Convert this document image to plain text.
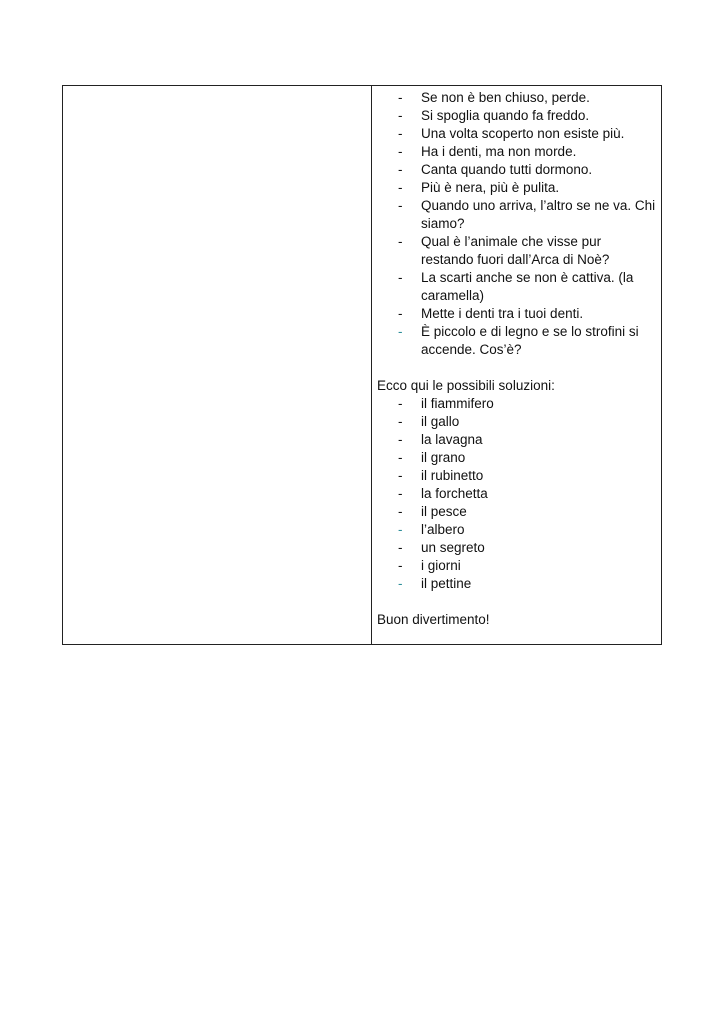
- Se non è ben chiuso, perde.
- Si spoglia quando fa freddo.
- Una volta scoperto non esiste più.
- Ha i denti, ma non morde.
- Canta quando tutti dormono.
- Più è nera, più è pulita.
- Quando uno arriva, l’altro se ne va. Chi siamo?
- Qual è l’animale che visse pur restando fuori dall’Arca di Noè?
- La scarti anche se non è cattiva. (la caramella)
- Mette i denti tra i tuoi denti.
- È piccolo e di legno e se lo strofini si accende. Cos’è?

Ecco qui le possibili soluzioni:

- il fiammifero
- il gallo
- la lavagna
- il grano
- il rubinetto
- la forchetta
- il pesce
- l’albero
- un segreto
- i giorni
- il pettine

Buon divertimento!
